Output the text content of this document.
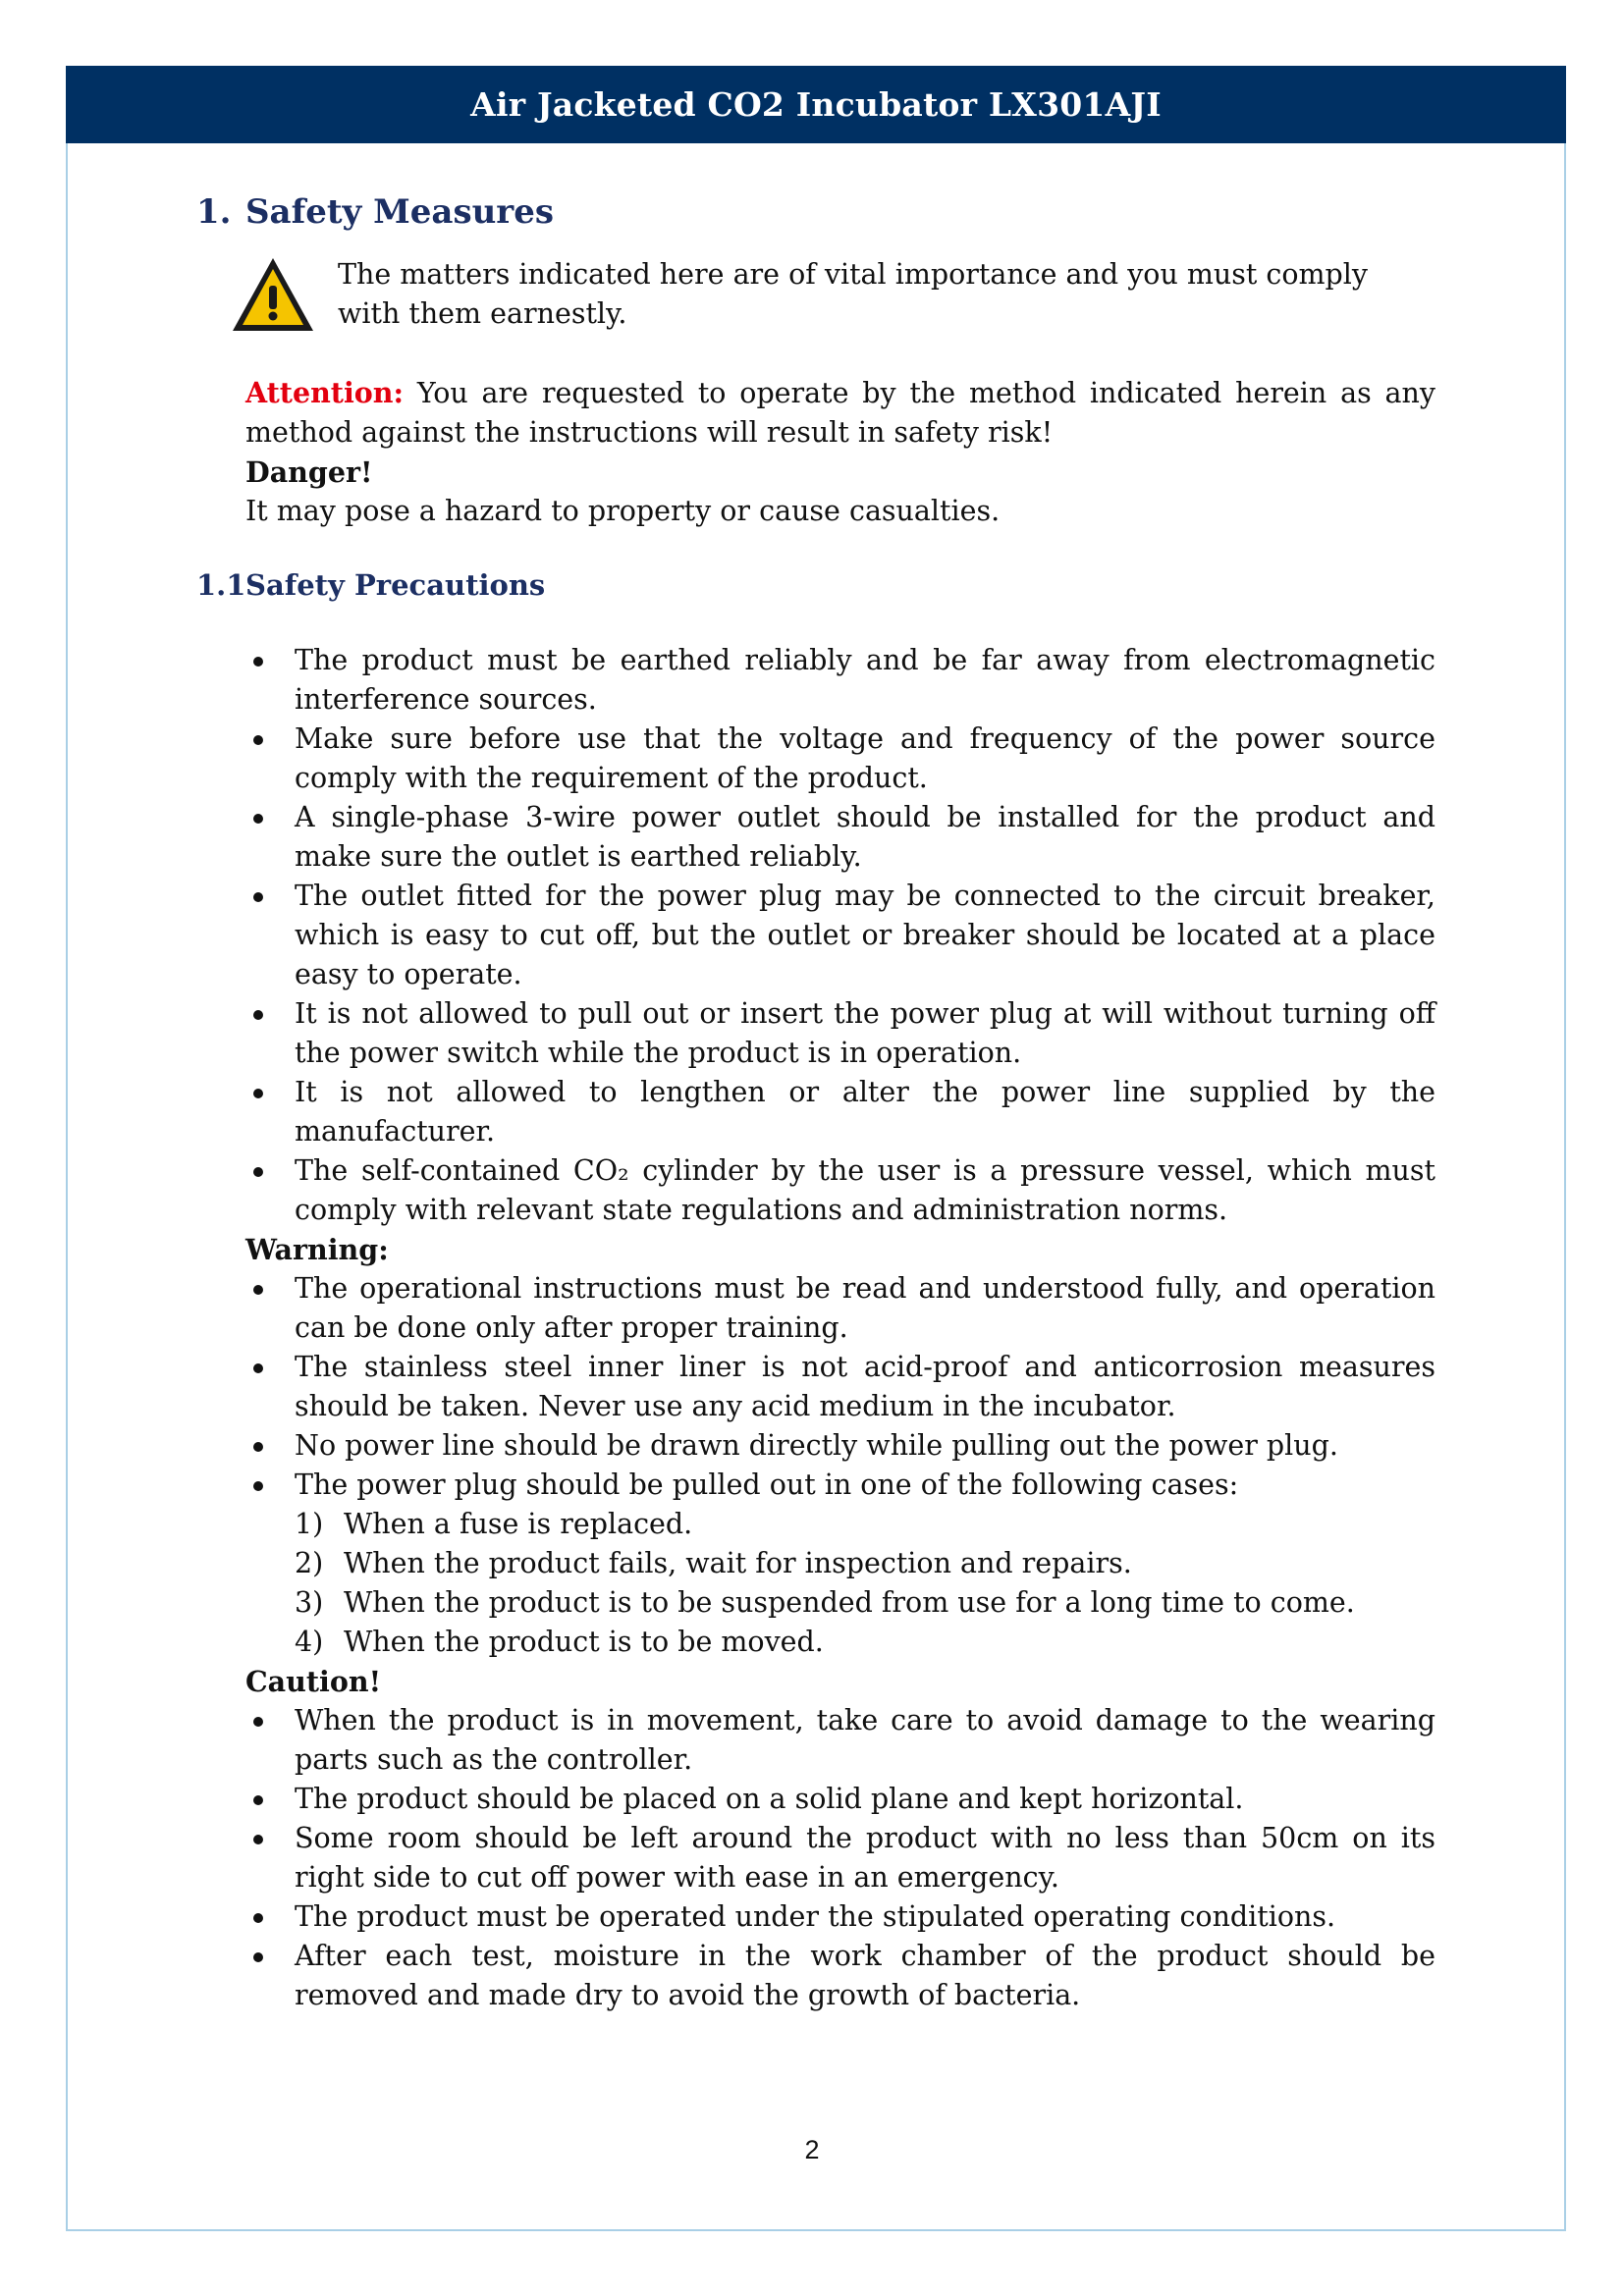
Air Jacketed CO2 Incubator LX301AJI
1. Safety Measures
The matters indicated here are of vital importance and you must comply with them earnestly.
Attention: You are requested to operate by the method indicated herein as any method against the instructions will result in safety risk!
Danger!
It may pose a hazard to property or cause casualties.
1.1 Safety Precautions
The product must be earthed reliably and be far away from electromagnetic interference sources.
Make sure before use that the voltage and frequency of the power source comply with the requirement of the product.
A single-phase 3-wire power outlet should be installed for the product and make sure the outlet is earthed reliably.
The outlet fitted for the power plug may be connected to the circuit breaker, which is easy to cut off, but the outlet or breaker should be located at a place easy to operate.
It is not allowed to pull out or insert the power plug at will without turning off the power switch while the product is in operation.
It is not allowed to lengthen or alter the power line supplied by the manufacturer.
The self-contained CO₂ cylinder by the user is a pressure vessel, which must comply with relevant state regulations and administration norms.
Warning:
The operational instructions must be read and understood fully, and operation can be done only after proper training.
The stainless steel inner liner is not acid-proof and anticorrosion measures should be taken. Never use any acid medium in the incubator.
No power line should be drawn directly while pulling out the power plug.
The power plug should be pulled out in one of the following cases:
1) When a fuse is replaced.
2) When the product fails, wait for inspection and repairs.
3) When the product is to be suspended from use for a long time to come.
4) When the product is to be moved.
Caution!
When the product is in movement, take care to avoid damage to the wearing parts such as the controller.
The product should be placed on a solid plane and kept horizontal.
Some room should be left around the product with no less than 50cm on its right side to cut off power with ease in an emergency.
The product must be operated under the stipulated operating conditions.
After each test, moisture in the work chamber of the product should be removed and made dry to avoid the growth of bacteria.
2
